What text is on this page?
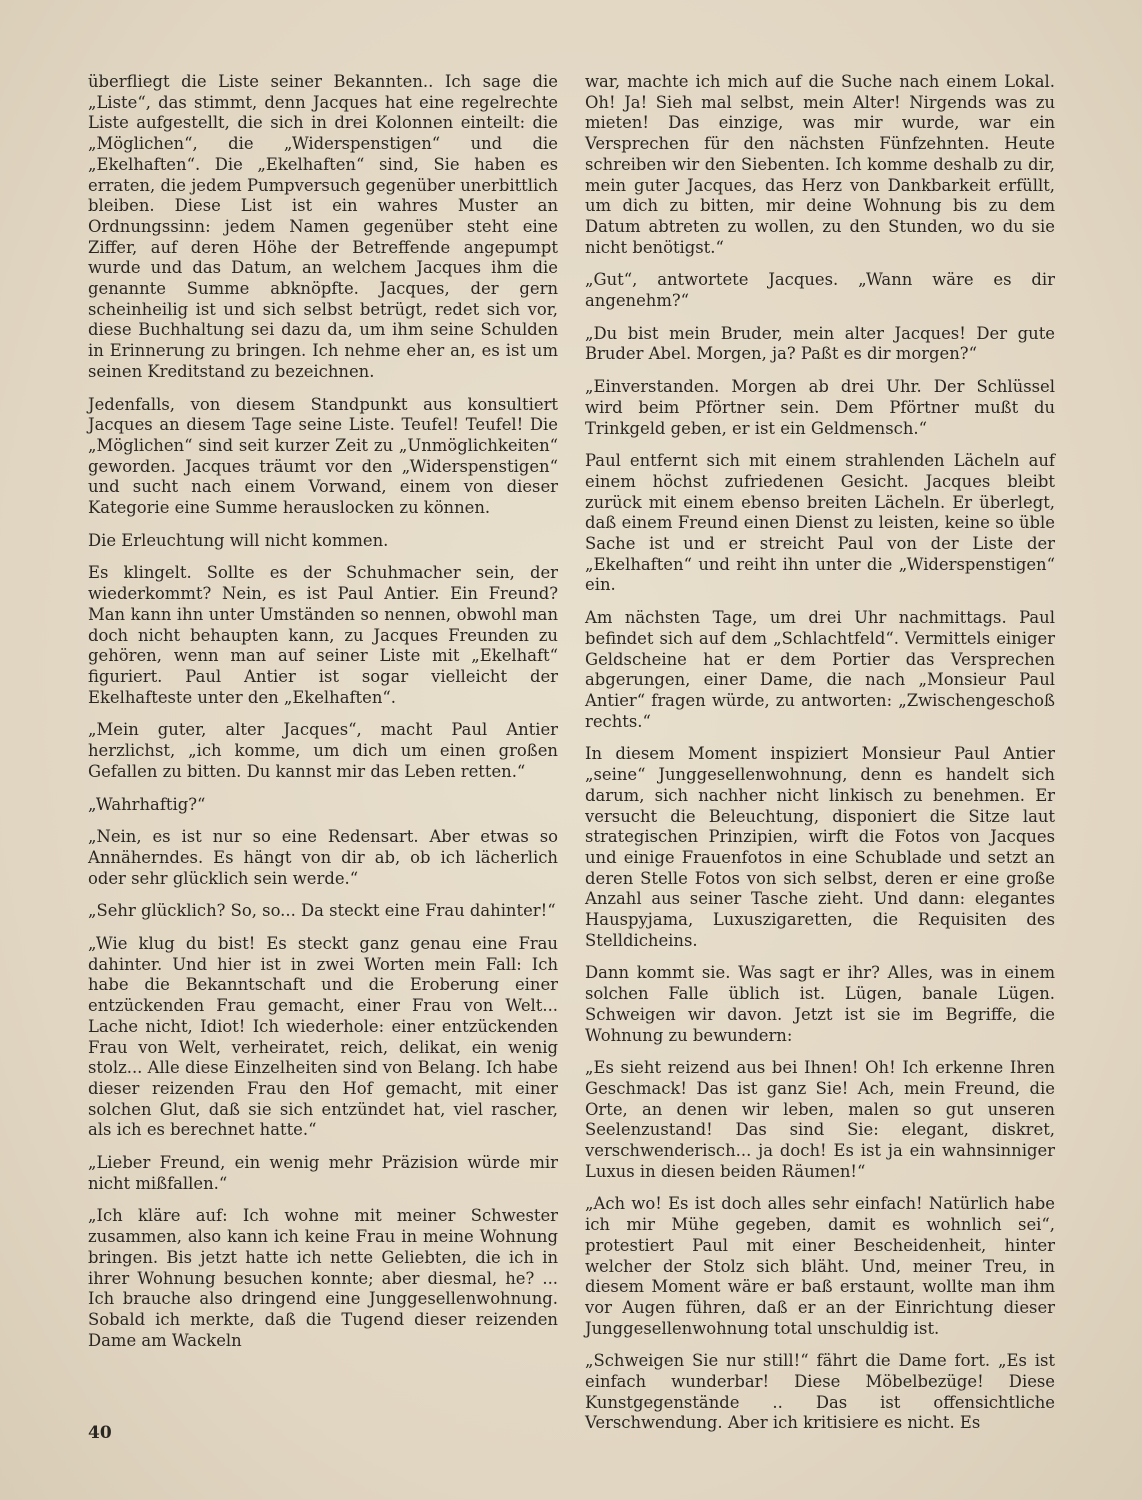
überfliegt die Liste seiner Bekannten.. Ich sage die „Liste“, das stimmt, denn Jacques hat eine regelrechte Liste aufgestellt, die sich in drei Kolonnen einteilt: die „Möglichen“, die „Widerspenstigen“ und die „Ekelhaften“. Die „Ekelhaften“ sind, Sie haben es erraten, die jedem Pumpversuch gegenüber unerbittlich bleiben. Diese List ist ein wahres Muster an Ordnungssinn: jedem Namen gegenüber steht eine Ziffer, auf deren Höhe der Betreffende angepumpt wurde und das Datum, an welchem Jacques ihm die genannte Summe abknöpfte. Jacques, der gern scheinheilig ist und sich selbst betrügt, redet sich vor, diese Buchhaltung sei dazu da, um ihm seine Schulden in Erinnerung zu bringen. Ich nehme eher an, es ist um seinen Kreditstand zu bezeichnen.

Jedenfalls, von diesem Standpunkt aus konsultiert Jacques an diesem Tage seine Liste. Teufel! Teufel! Die „Möglichen“ sind seit kurzer Zeit zu „Unmöglichkeiten“ geworden. Jacques träumt vor den „Widerspenstigen“ und sucht nach einem Vorwand, einem von dieser Kategorie eine Summe herauslocken zu können.

Die Erleuchtung will nicht kommen.

Es klingelt. Sollte es der Schuhmacher sein, der wiederkommt? Nein, es ist Paul Antier. Ein Freund? Man kann ihn unter Umständen so nennen, obwohl man doch nicht behaupten kann, zu Jacques Freunden zu gehören, wenn man auf seiner Liste mit „Ekelhaft“ figuriert. Paul Antier ist sogar vielleicht der Ekelhafteste unter den „Ekelhaften“.

„Mein guter, alter Jacques“, macht Paul Antier herzlichst, „ich komme, um dich um einen großen Gefallen zu bitten. Du kannst mir das Leben retten.“

„Wahrhaftig?“

„Nein, es ist nur so eine Redensart. Aber etwas so Annäherndes. Es hängt von dir ab, ob ich lächerlich oder sehr glücklich sein werde.“

„Sehr glücklich? So, so... Da steckt eine Frau dahinter!“

„Wie klug du bist! Es steckt ganz genau eine Frau dahinter. Und hier ist in zwei Worten mein Fall: Ich habe die Bekanntschaft und die Eroberung einer entzückenden Frau gemacht, einer Frau von Welt... Lache nicht, Idiot! Ich wiederhole: einer entzückenden Frau von Welt, verheiratet, reich, delikat, ein wenig stolz... Alle diese Einzelheiten sind von Belang. Ich habe dieser reizenden Frau den Hof gemacht, mit einer solchen Glut, daß sie sich entzündet hat, viel rascher, als ich es berechnet hatte.“

„Lieber Freund, ein wenig mehr Präzision würde mir nicht mißfallen.“

„Ich kläre auf: Ich wohne mit meiner Schwester zusammen, also kann ich keine Frau in meine Wohnung bringen. Bis jetzt hatte ich nette Geliebten, die ich in ihrer Wohnung besuchen konnte; aber diesmal, he? ... Ich brauche also dringend eine Junggesellenwohnung. Sobald ich merkte, daß die Tugend dieser reizenden Dame am Wackeln

war, machte ich mich auf die Suche nach einem Lokal. Oh! Ja! Sieh mal selbst, mein Alter! Nirgends was zu mieten! Das einzige, was mir wurde, war ein Versprechen für den nächsten Fünfzehnten. Heute schreiben wir den Siebenten. Ich komme deshalb zu dir, mein guter Jacques, das Herz von Dankbarkeit erfüllt, um dich zu bitten, mir deine Wohnung bis zu dem Datum abtreten zu wollen, zu den Stunden, wo du sie nicht benötigst.“

„Gut“, antwortete Jacques. „Wann wäre es dir angenehm?“

„Du bist mein Bruder, mein alter Jacques! Der gute Bruder Abel. Morgen, ja? Paßt es dir morgen?“

„Einverstanden. Morgen ab drei Uhr. Der Schlüssel wird beim Pförtner sein. Dem Pförtner mußt du Trinkgeld geben, er ist ein Geldmensch.“

Paul entfernt sich mit einem strahlenden Lächeln auf einem höchst zufriedenen Gesicht. Jacques bleibt zurück mit einem ebenso breiten Lächeln. Er überlegt, daß einem Freund einen Dienst zu leisten, keine so üble Sache ist und er streicht Paul von der Liste der „Ekelhaften“ und reiht ihn unter die „Widerspenstigen“ ein.

Am nächsten Tage, um drei Uhr nachmittags. Paul befindet sich auf dem „Schlachtfeld“. Vermittels einiger Geldscheine hat er dem Portier das Versprechen abgerungen, einer Dame, die nach „Monsieur Paul Antier“ fragen würde, zu antworten: „Zwischengeschoß rechts.“

In diesem Moment inspiziert Monsieur Paul Antier „seine“ Junggesellenwohnung, denn es handelt sich darum, sich nachher nicht linkisch zu benehmen. Er versucht die Beleuchtung, disponiert die Sitze laut strategischen Prinzipien, wirft die Fotos von Jacques und einige Frauenfotos in eine Schublade und setzt an deren Stelle Fotos von sich selbst, deren er eine große Anzahl aus seiner Tasche zieht. Und dann: elegantes Hauspyjama, Luxuszigaretten, die Requisiten des Stelldicheins.

Dann kommt sie. Was sagt er ihr? Alles, was in einem solchen Falle üblich ist. Lügen, banale Lügen. Schweigen wir davon. Jetzt ist sie im Begriffe, die Wohnung zu bewundern:

„Es sieht reizend aus bei Ihnen! Oh! Ich erkenne Ihren Geschmack! Das ist ganz Sie! Ach, mein Freund, die Orte, an denen wir leben, malen so gut unseren Seelenzustand! Das sind Sie: elegant, diskret, verschwenderisch... ja doch! Es ist ja ein wahnsinniger Luxus in diesen beiden Räumen!“

„Ach wo! Es ist doch alles sehr einfach! Natürlich habe ich mir Mühe gegeben, damit es wohnlich sei“, protestiert Paul mit einer Bescheidenheit, hinter welcher der Stolz sich bläht. Und, meiner Treu, in diesem Moment wäre er baß erstaunt, wollte man ihm vor Augen führen, daß er an der Einrichtung dieser Junggesellenwohnung total unschuldig ist.

„Schweigen Sie nur still!“ fährt die Dame fort. „Es ist einfach wunderbar! Diese Möbelbezüge! Diese Kunstgegenstände .. Das ist offensichtliche Verschwendung. Aber ich kritisiere es nicht. Es

40
